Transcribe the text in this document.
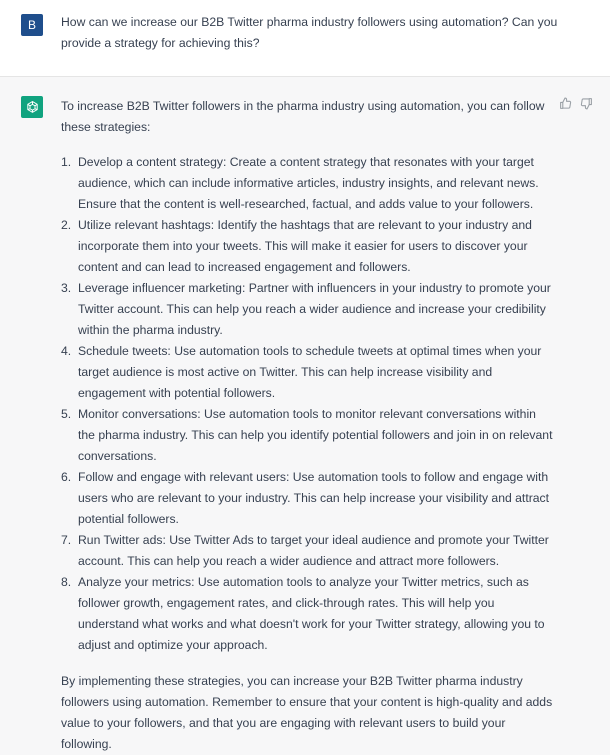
B	How can we increase our B2B Twitter pharma industry followers using automation? Can you provide a strategy for achieving this?

To increase B2B Twitter followers in the pharma industry using automation, you can follow these strategies:

1. Develop a content strategy: Create a content strategy that resonates with your target audience, which can include informative articles, industry insights, and relevant news. Ensure that the content is well-researched, factual, and adds value to your followers.
2. Utilize relevant hashtags: Identify the hashtags that are relevant to your industry and incorporate them into your tweets. This will make it easier for users to discover your content and can lead to increased engagement and followers.
3. Leverage influencer marketing: Partner with influencers in your industry to promote your Twitter account. This can help you reach a wider audience and increase your credibility within the pharma industry.
4. Schedule tweets: Use automation tools to schedule tweets at optimal times when your target audience is most active on Twitter. This can help increase visibility and engagement with potential followers.
5. Monitor conversations: Use automation tools to monitor relevant conversations within the pharma industry. This can help you identify potential followers and join in on relevant conversations.
6. Follow and engage with relevant users: Use automation tools to follow and engage with users who are relevant to your industry. This can help increase your visibility and attract potential followers.
7. Run Twitter ads: Use Twitter Ads to target your ideal audience and promote your Twitter account. This can help you reach a wider audience and attract more followers.
8. Analyze your metrics: Use automation tools to analyze your Twitter metrics, such as follower growth, engagement rates, and click-through rates. This will help you understand what works and what doesn't work for your Twitter strategy, allowing you to adjust and optimize your approach.

By implementing these strategies, you can increase your B2B Twitter pharma industry followers using automation. Remember to ensure that your content is high-quality and adds value to your followers, and that you are engaging with relevant users to build your following.
